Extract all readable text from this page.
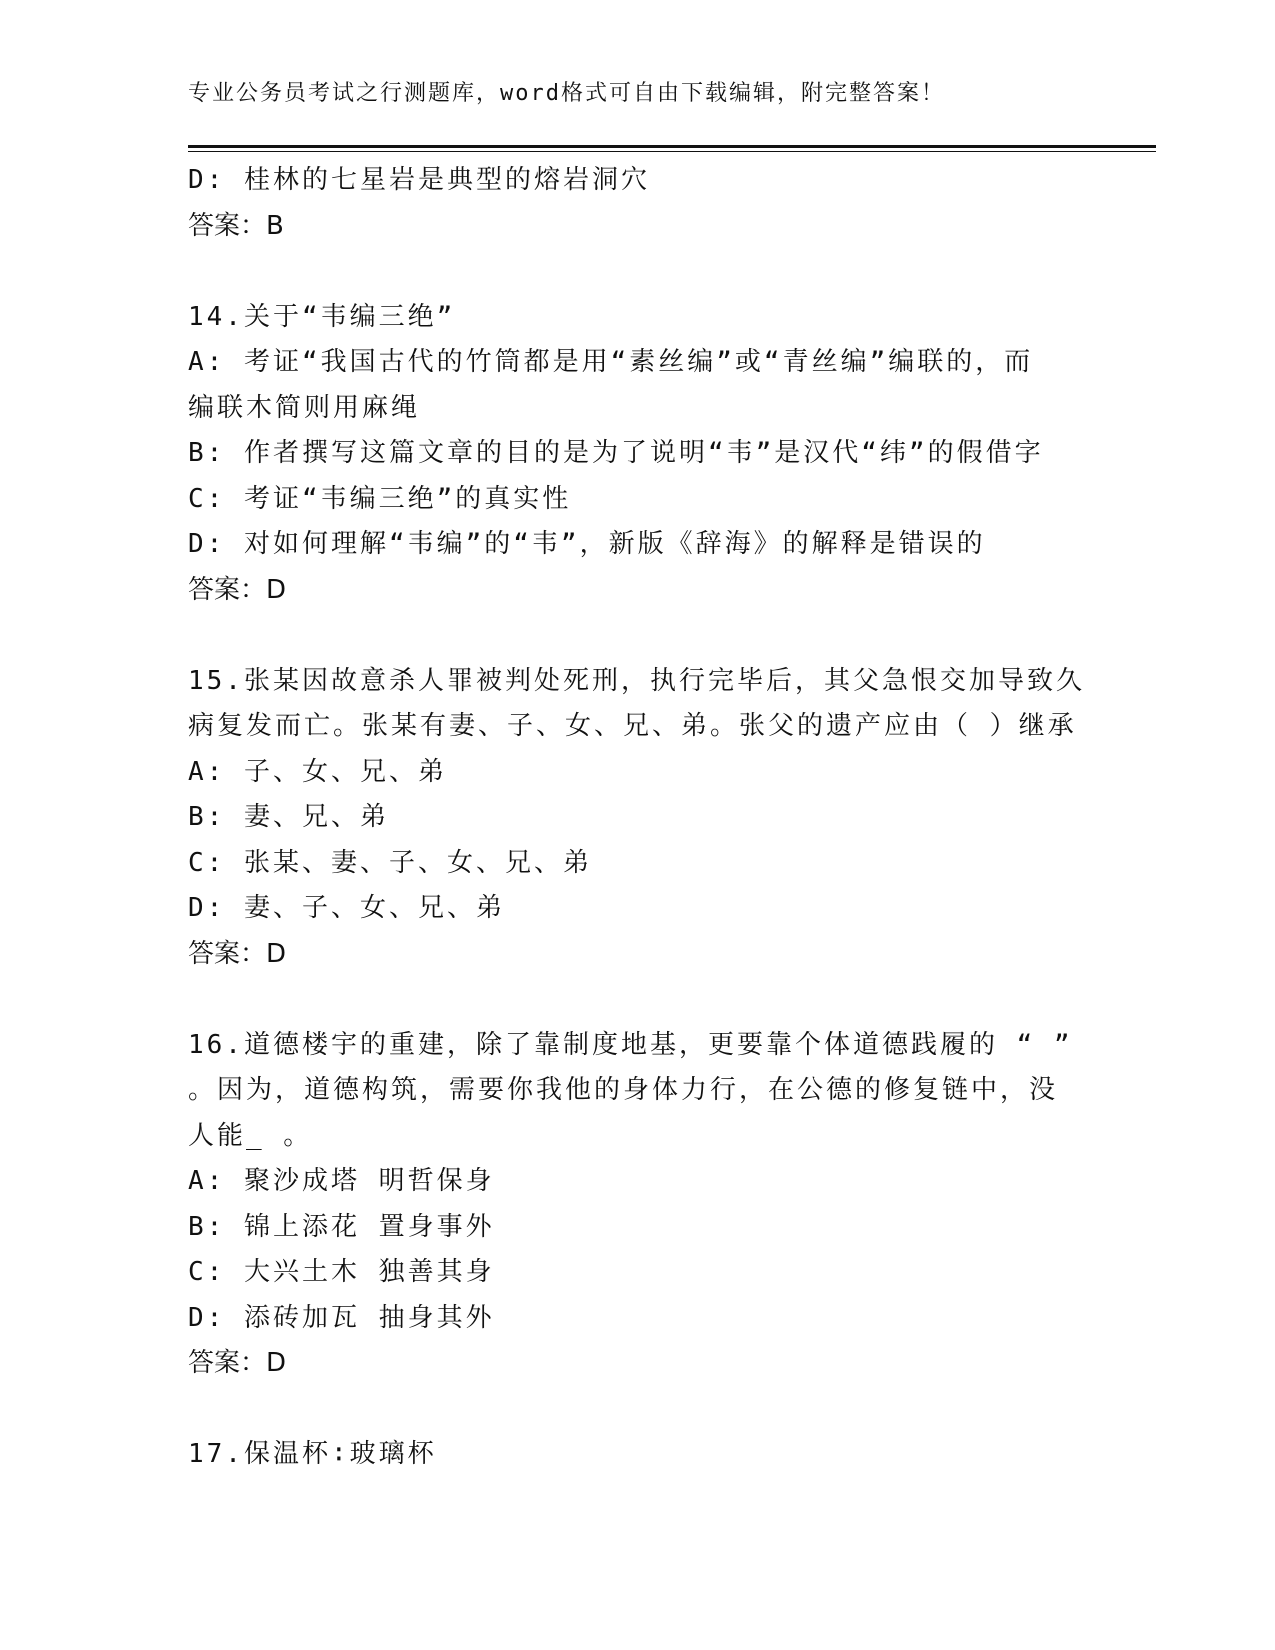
专业公务员考试之行测题库，word格式可自由下载编辑，附完整答案！
D: 桂林的七星岩是典型的熔岩洞穴
答案：B
14.关于“韦编三绝”
A: 考证“我国古代的竹筒都是用“素丝编”或“青丝编”编联的，而
编联木简则用麻绳
B: 作者撰写这篇文章的目的是为了说明“韦”是汉代“纬”的假借字
C: 考证“韦编三绝”的真实性
D: 对如何理解“韦编”的“韦”，新版《辞海》的解释是错误的
答案：D
15.张某因故意杀人罪被判处死刑，执行完毕后，其父急恨交加导致久
病复发而亡。张某有妻、子、女、兄、弟。张父的遗产应由（ ）继承
A: 子、女、兄、弟
B: 妻、兄、弟
C: 张某、妻、子、女、兄、弟
D: 妻、子、女、兄、弟
答案：D
16.道德楼宇的重建，除了靠制度地基，更要靠个体道德践履的 “ ”
。因为，道德构筑，需要你我他的身体力行，在公德的修复链中，没
人能_ 。
A: 聚沙成塔 明哲保身
B: 锦上添花 置身事外
C: 大兴土木 独善其身
D: 添砖加瓦 抽身其外
答案：D
17.保温杯∶玻璃杯
